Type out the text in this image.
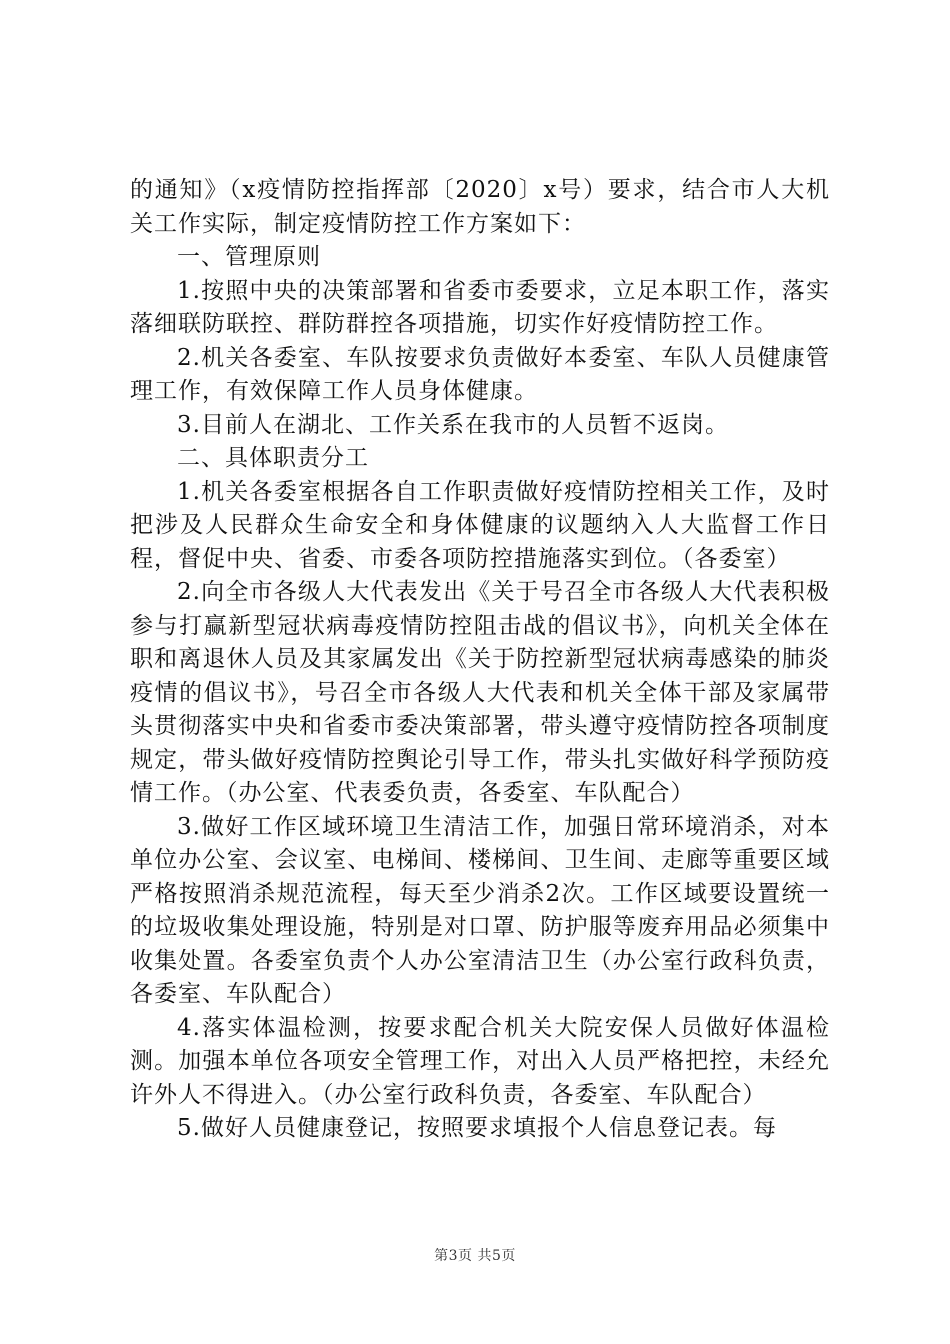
的通知》（x疫情防控指挥部〔2020〕x号）要求，结合市人大机关工作实际，制定疫情防控工作方案如下：

一、管理原则

1.按照中央的决策部署和省委市委要求，立足本职工作，落实落细联防联控、群防群控各项措施，切实作好疫情防控工作。

2.机关各委室、车队按要求负责做好本委室、车队人员健康管理工作，有效保障工作人员身体健康。

3.目前人在湖北、工作关系在我市的人员暂不返岗。

二、具体职责分工

1.机关各委室根据各自工作职责做好疫情防控相关工作，及时把涉及人民群众生命安全和身体健康的议题纳入人大监督工作日程，督促中央、省委、市委各项防控措施落实到位。（各委室）

2.向全市各级人大代表发出《关于号召全市各级人大代表积极参与打赢新型冠状病毒疫情防控阻击战的倡议书》，向机关全体在职和离退休人员及其家属发出《关于防控新型冠状病毒感染的肺炎疫情的倡议书》，号召全市各级人大代表和机关全体干部及家属带头贯彻落实中央和省委市委决策部署，带头遵守疫情防控各项制度规定，带头做好疫情防控舆论引导工作，带头扎实做好科学预防疫情工作。（办公室、代表委负责，各委室、车队配合）

3.做好工作区域环境卫生清洁工作，加强日常环境消杀，对本单位办公室、会议室、电梯间、楼梯间、卫生间、走廊等重要区域严格按照消杀规范流程，每天至少消杀2次。工作区域要设置统一的垃圾收集处理设施，特别是对口罩、防护服等废弃用品必须集中收集处置。各委室负责个人办公室清洁卫生（办公室行政科负责，各委室、车队配合）

4.落实体温检测，按要求配合机关大院安保人员做好体温检测。加强本单位各项安全管理工作，对出入人员严格把控，未经允许外人不得进入。（办公室行政科负责，各委室、车队配合）

5.做好人员健康登记，按照要求填报个人信息登记表。每

第3页 共5页
